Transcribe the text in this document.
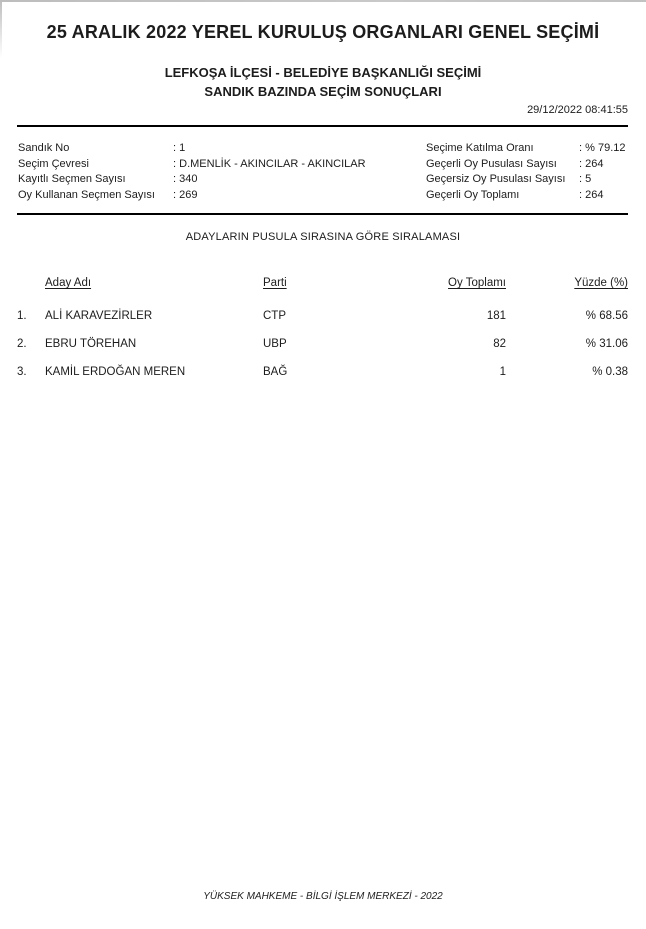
25 ARALIK 2022 YEREL KURULUŞ ORGANLARI GENEL SEÇİMİ
LEFKOŞA İLÇESİ - BELEDİYE BAŞKANLIĞI SEÇİMİ
SANDIK BAZINDA SEÇİM SONUÇLARI
29/12/2022 08:41:55
Sandık No	: 1
Seçim Çevresi	: D.MENLİK - AKINCILAR - AKINCILAR
Kayıtlı Seçmen Sayısı	: 340
Oy Kullanan Seçmen Sayısı : 269
Seçime Katılma Oranı	: % 79.12
Geçerli Oy Pusulası Sayısı	: 264
Geçersiz Oy Pusulası Sayısı : 5
Geçerli Oy Toplamı	: 264
ADAYLARIN PUSULA SIRASINA GÖRE SIRALAMASI
Aday Adı	Parti	Oy Toplamı	Yüzde (%)
1.	ALİ KARAVEZİRLER	CTP	181	% 68.56
2.	EBRU TÖREHAN	UBP	82	% 31.06
3.	KAMİL ERDOĞAN MEREN	BAĞ	1	% 0.38
YÜKSEK MAHKEME - BİLGİ İŞLEM MERKEZİ - 2022
